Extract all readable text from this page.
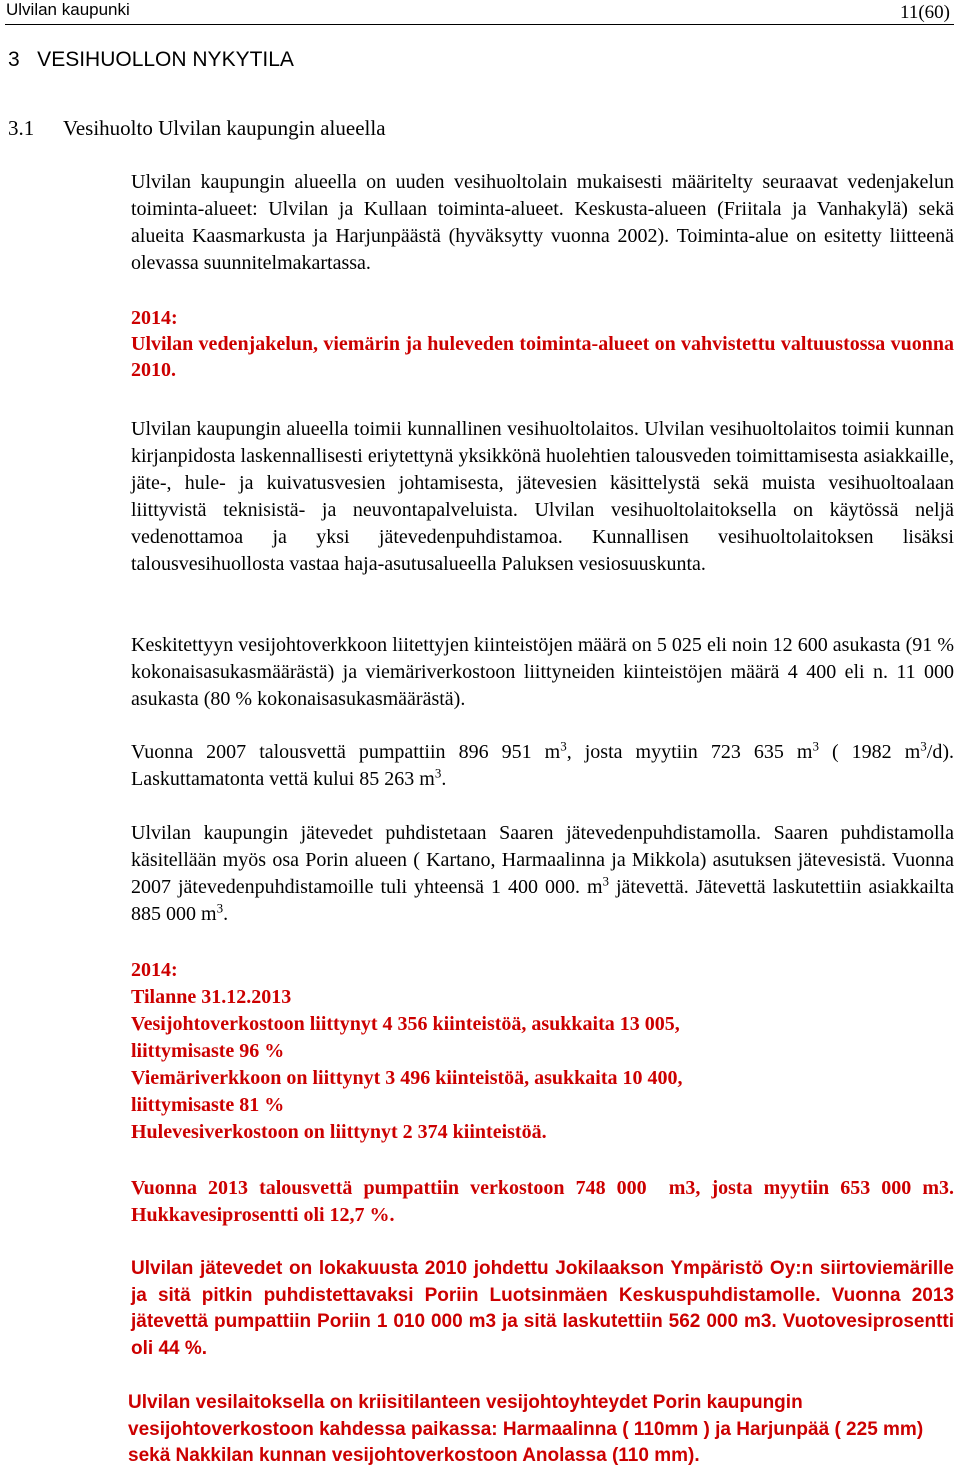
Ulvilan kaupunki	11(60)
3   VESIHUOLLON NYKYTILA
3.1 Vesihuolto Ulvilan kaupungin alueella

Ulvilan kaupungin alueella on uuden vesihuoltolain mukaisesti määritelty seuraavat vedenjakelun toiminta-alueet: Ulvilan ja Kullaan toiminta-alueet. Keskusta-alueen (Friitala ja Vanhakylä) sekä alueita Kaasmarkusta ja Harjunpäästä (hyväksytty vuonna 2002). Toiminta-alue on esitetty liitteenä olevassa suunnitelmakartassa.

2014:
Ulvilan vedenjakelun, viemärin ja huleveden toiminta-alueet on vahvistettu valtuustossa vuonna 2010.

Ulvilan kaupungin alueella toimii kunnallinen vesihuoltolaitos. Ulvilan vesihuoltolaitos toimii kunnan kirjanpidosta laskennallisesti eriytettynä yksikkönä huolehtien talousveden toimittamisesta asiakkaille, jäte-, hule- ja kuivatusvesien johtamisesta, jätevesien käsittelystä sekä muista vesihuoltoalaan liittyvistä teknisistä- ja neuvontapalveluista. Ulvilan vesihuoltolaitoksella on käytössä neljä vedenottamoa ja yksi jätevedenpuhdistamoa. Kunnallisen vesihuoltolaitoksen lisäksi talousvesihuollosta vastaa haja-asutusalueella Paluksen vesiosuuskunta.

Keskitettyyn vesijohtoverkkoon liitettyjen kiinteistöjen määrä on 5 025 eli noin 12 600 asukasta (91 % kokonaisasukasmäärästä) ja viemäriverkostoon liittyneiden kiinteistöjen määrä 4 400 eli n. 11 000 asukasta (80 % kokonaisasukasmäärästä).

Vuonna 2007 talousvettä pumpattiin 896 951 $m^3$, josta myytiin 723 635 $m^3$ ( 1982 $m^3/d$). Laskuttamatonta vettä kului 85 263 $m^3$.

Ulvilan kaupungin jätevedet puhdistetaan Saaren jätevedenpuhdistamolla. Saaren puhdistamolla käsitellään myös osa Porin alueen ( Kartano, Harmaalinna ja Mikkola) asutuksen jätevesistä. Vuonna 2007 jätevedenpuhdistamoille tuli yhteensä 1 400 000. $m^3$ jätevettä. Jätevettä laskutettiin asiakkailta 885 000 $m^3$.

2014:
Tilanne 31.12.2013
Vesijohtoverkostoon liittynyt 4 356 kiinteistöä, asukkaita 13 005,
liittymisaste 96 %
Viemäriverkkoon on liittynyt 3 496 kiinteistöä, asukkaita 10 400,
liittymisaste 81 %
Hulevesiverkostoon on liittynyt 2 374 kiinteistöä.

Vuonna 2013 talousvettä pumpattiin verkostoon 748 000  m3, josta myytiin 653 000 m3. Hukkavesiprosentti oli 12,7 %.

Ulvilan jätevedet on lokakuusta 2010 johdettu Jokilaakson Ympäristö Oy:n siirtoviemärille ja sitä pitkin puhdistettavaksi Poriin Luotsinmäen Keskuspuhdistamolle. Vuonna 2013 jätevettä pumpattiin Poriin 1 010 000 m3 ja sitä laskutettiin 562 000 m3. Vuotovesiprosentti oli 44 %.

Ulvilan vesilaitoksella on kriisitilanteen vesijohtoyhteydet Porin kaupungin vesijohtoverkostoon kahdessa paikassa: Harmaalinna ( 110mm ) ja Harjunpää ( 225 mm) sekä Nakkilan kunnan vesijohtoverkostoon Anolassa (110 mm).
